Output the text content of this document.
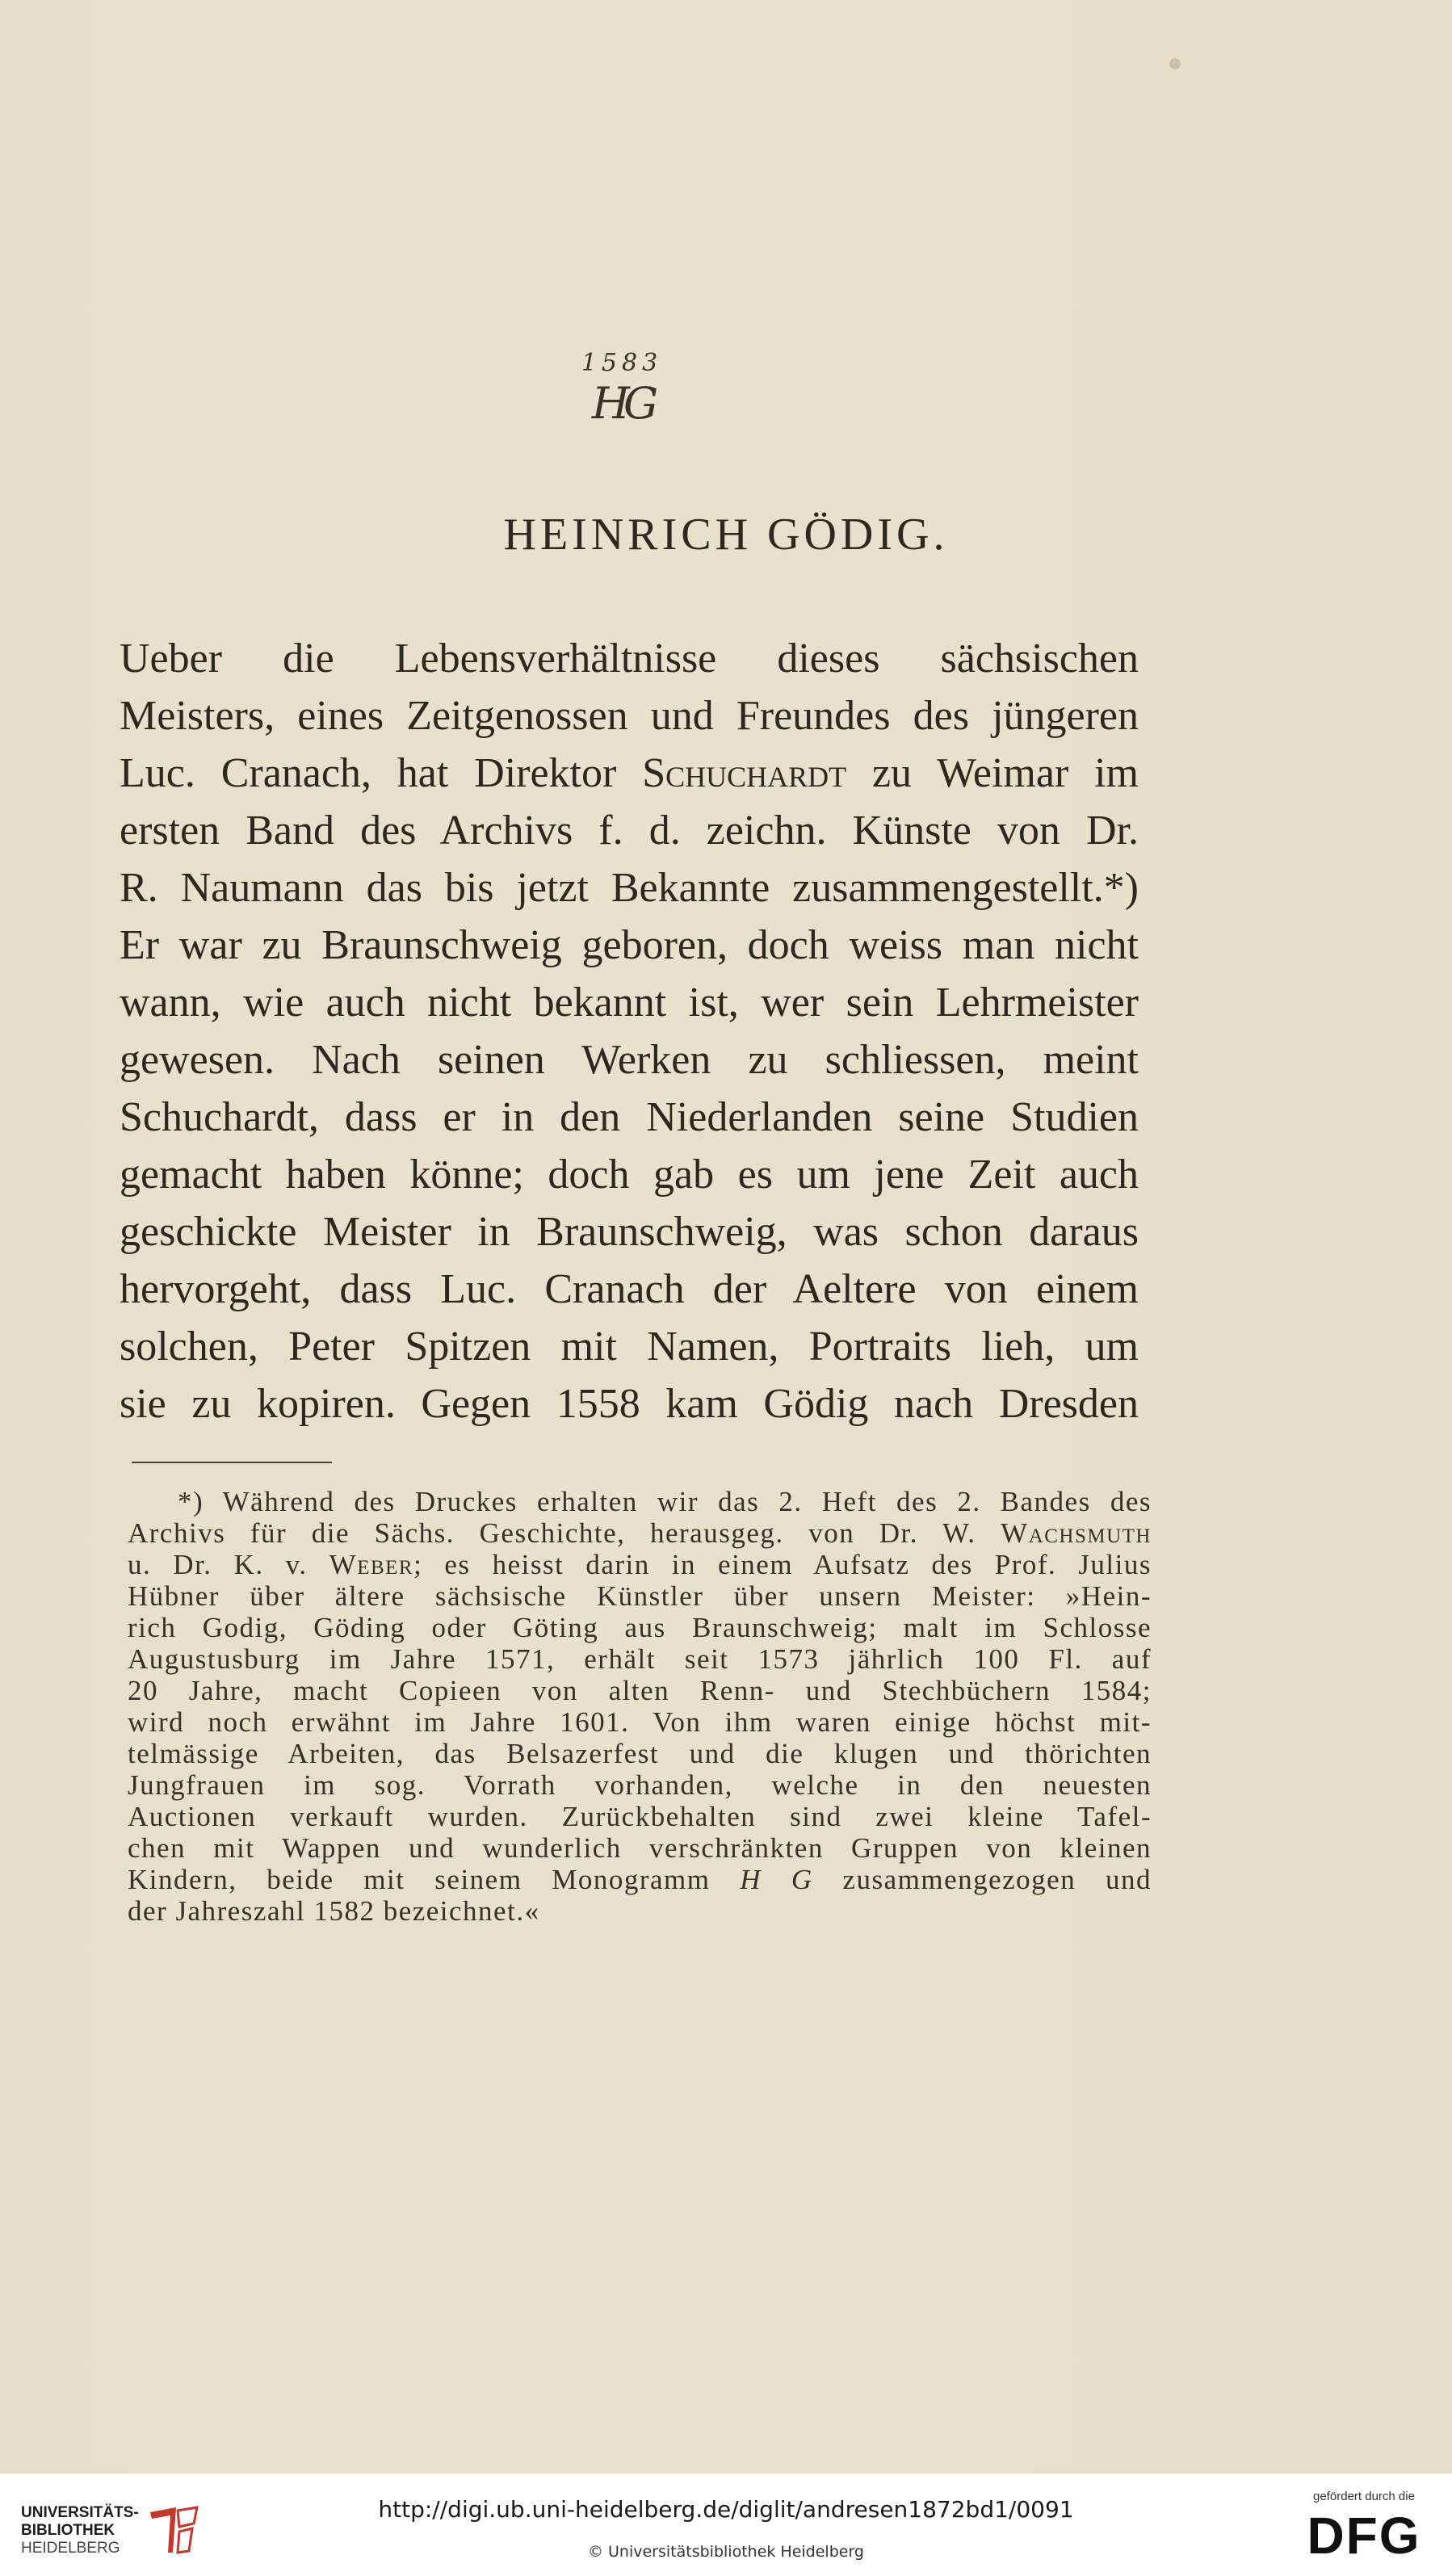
1583
HG
HEINRICH GÖDIG.
Ueber die Lebensverhältnisse dieses sächsischen
Meisters, eines Zeitgenossen und Freundes des jüngeren
Luc. Cranach, hat Direktor Schuchardt zu Weimar im
ersten Band des Archivs f. d. zeichn. Künste von Dr.
R. Naumann das bis jetzt Bekannte zusammengestellt.*)
Er war zu Braunschweig geboren, doch weiss man nicht
wann, wie auch nicht bekannt ist, wer sein Lehrmeister
gewesen. Nach seinen Werken zu schliessen, meint
Schuchardt, dass er in den Niederlanden seine Studien
gemacht haben könne; doch gab es um jene Zeit auch
geschickte Meister in Braunschweig, was schon daraus
hervorgeht, dass Luc. Cranach der Aeltere von einem
solchen, Peter Spitzen mit Namen, Portraits lieh, um
sie zu kopiren. Gegen 1558 kam Gödig nach Dresden
*) Während des Druckes erhalten wir das 2. Heft des 2. Bandes des
Archivs für die Sächs. Geschichte, herausgeg. von Dr. W. Wachsmuth
u. Dr. K. v. Weber; es heisst darin in einem Aufsatz des Prof. Julius
Hübner über ältere sächsische Künstler über unsern Meister: »Hein-
rich Godig, Göding oder Göting aus Braunschweig; malt im Schlosse
Augustusburg im Jahre 1571, erhält seit 1573 jährlich 100 Fl. auf
20 Jahre, macht Copieen von alten Renn- und Stechbüchern 1584;
wird noch erwähnt im Jahre 1601. Von ihm waren einige höchst mit-
telmässige Arbeiten, das Belsazerfest und die klugen und thörichten
Jungfrauen im sog. Vorrath vorhanden, welche in den neuesten
Auctionen verkauft wurden. Zurückbehalten sind zwei kleine Tafel-
chen mit Wappen und wunderlich verschränkten Gruppen von kleinen
Kindern, beide mit seinem Monogramm H G zusammengezogen und
der Jahreszahl 1582 bezeichnet.«
UNIVERSITÄTS-
BIBLIOTHEK
HEIDELBERG
http://digi.ub.uni-heidelberg.de/diglit/andresen1872bd1/0091
© Universitätsbibliothek Heidelberg
gefördert durch die
DFG
